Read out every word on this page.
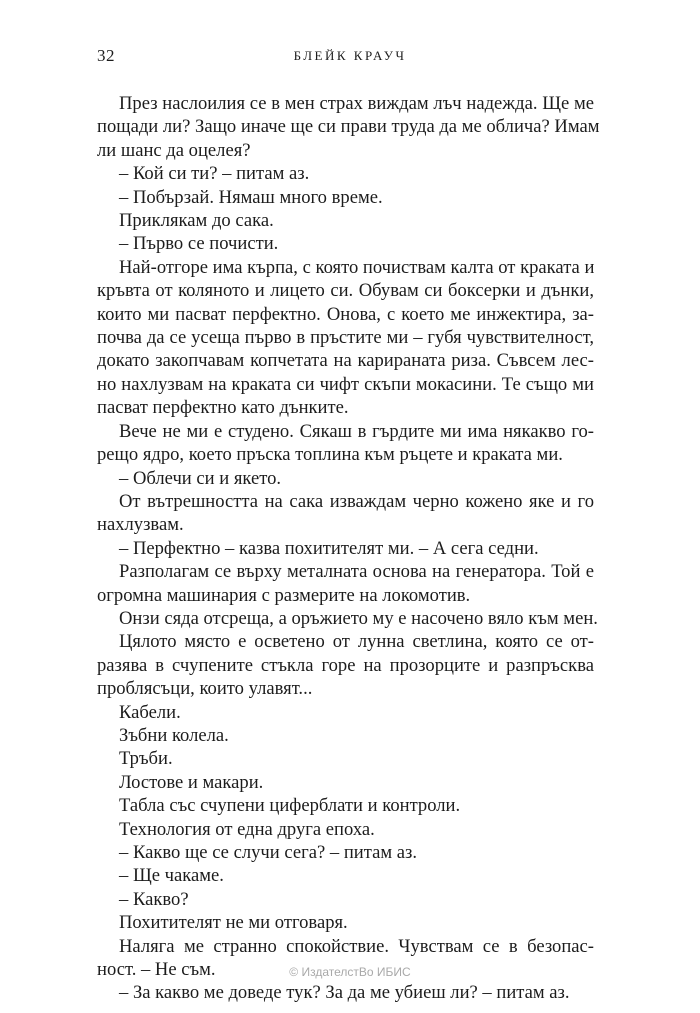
32	БЛЕЙК КРАУЧ

През наслоилия се в мен страх виждам лъч надежда. Ще ме
пощади ли? Защо иначе ще си прави труда да ме облича? Имам
ли шанс да оцелея?

– Кой си ти? – питам аз.

– Побързай. Нямаш много време.

Приклякам до сака.

– Първо се почисти.

Най-отгоре има кърпа, с която почиствам калта от краката и
кръвта от коляното и лицето си. Обувам си боксерки и дънки,
които ми пасват перфектно. Онова, с което ме инжектира, за-
почва да се усеща първо в пръстите ми – губя чувствителност,
докато закопчавам копчетата на карираната риза. Съвсем лес-
но нахлузвам на краката си чифт скъпи мокасини. Те също ми
пасват перфектно като дънките.

Вече не ми е студено. Сякаш в гърдите ми има някакво го-
рещо ядро, което пръска топлина към ръцете и краката ми.

– Облечи си и якето.

От вътрешността на сака изваждам черно кожено яке и го
нахлузвам.

– Перфектно – казва похитителят ми. – А сега седни.

Разполагам се върху металната основа на генератора. Той е
огромна машинария с размерите на локомотив.

Онзи сяда отсреща, а оръжието му е насочено вяло към мен.

Цялото място е осветено от лунна светлина, която се от-
разява в счупените стъкла горе на прозорците и разпръсква
проблясъци, които улавят...

Кабели.

Зъбни колела.

Тръби.

Лостове и макари.

Табла със счупени циферблати и контроли.

Технология от една друга епоха.

– Какво ще се случи сега? – питам аз.

– Ще чакаме.

– Какво?

Похитителят не ми отговаря.

Налягa ме странно спокойствие. Чувствам се в безопас-
ност. – Не съм.

– За какво ме доведе тук? За да ме убиеш ли? – питам аз.

© ИздателстВо ИБИС
